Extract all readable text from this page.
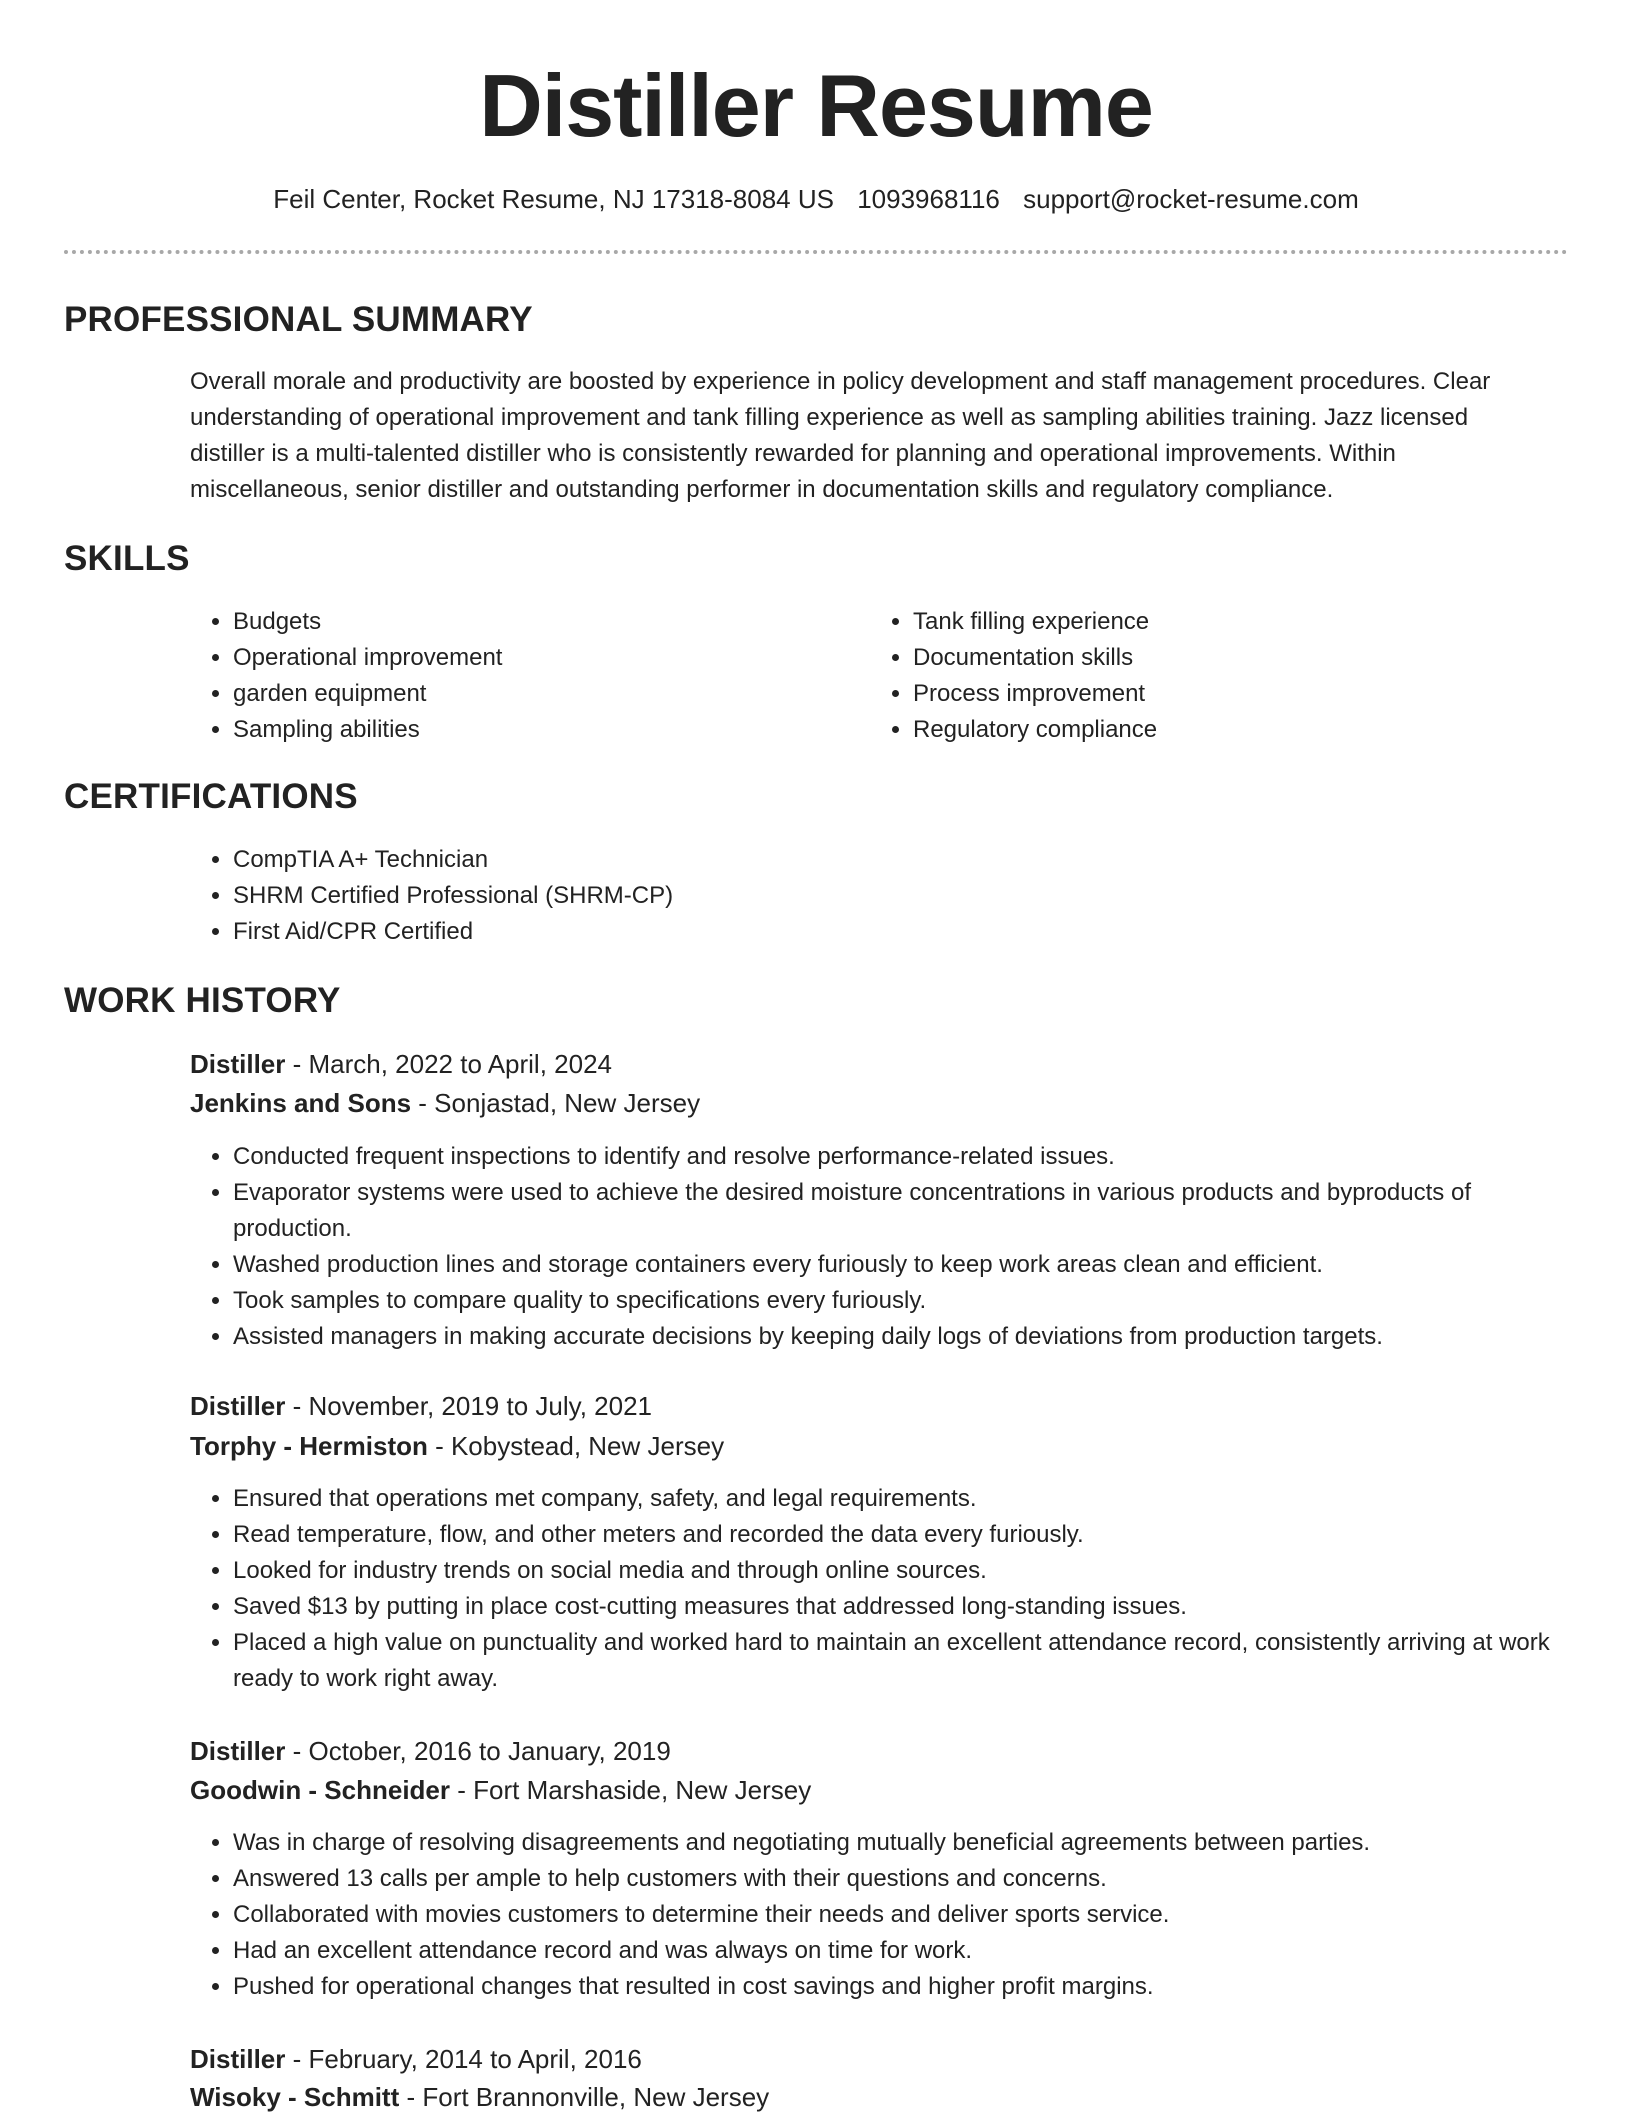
Distiller Resume
Feil Center, Rocket Resume, NJ 17318-8084 US 1093968116 support@rocket-resume.com
PROFESSIONAL SUMMARY

Overall morale and productivity are boosted by experience in policy development and staff management procedures. Clear understanding of operational improvement and tank filling experience as well as sampling abilities training. Jazz licensed distiller is a multi-talented distiller who is consistently rewarded for planning and operational improvements. Within miscellaneous, senior distiller and outstanding performer in documentation skills and regulatory compliance.

SKILLS
• Budgets
• Operational improvement
• garden equipment
• Sampling abilities
• Tank filling experience
• Documentation skills
• Process improvement
• Regulatory compliance
CERTIFICATIONS
• CompTIA A+ Technician
• SHRM Certified Professional (SHRM-CP)
• First Aid/CPR Certified
WORK HISTORY
Distiller - March, 2022 to April, 2024
Jenkins and Sons - Sonjastad, New Jersey
• Conducted frequent inspections to identify and resolve performance-related issues.
• Evaporator systems were used to achieve the desired moisture concentrations in various products and byproducts of production.
• Washed production lines and storage containers every furiously to keep work areas clean and efficient.
• Took samples to compare quality to specifications every furiously.
• Assisted managers in making accurate decisions by keeping daily logs of deviations from production targets.
Distiller - November, 2019 to July, 2021
Torphy - Hermiston - Kobystead, New Jersey
• Ensured that operations met company, safety, and legal requirements.
• Read temperature, flow, and other meters and recorded the data every furiously.
• Looked for industry trends on social media and through online sources.
• Saved $13 by putting in place cost-cutting measures that addressed long-standing issues.
• Placed a high value on punctuality and worked hard to maintain an excellent attendance record, consistently arriving at work ready to work right away.
Distiller - October, 2016 to January, 2019
Goodwin - Schneider - Fort Marshaside, New Jersey
• Was in charge of resolving disagreements and negotiating mutually beneficial agreements between parties.
• Answered 13 calls per ample to help customers with their questions and concerns.
• Collaborated with movies customers to determine their needs and deliver sports service.
• Had an excellent attendance record and was always on time for work.
• Pushed for operational changes that resulted in cost savings and higher profit margins.
Distiller - February, 2014 to April, 2016
Wisoky - Schmitt - Fort Brannonville, New Jersey
